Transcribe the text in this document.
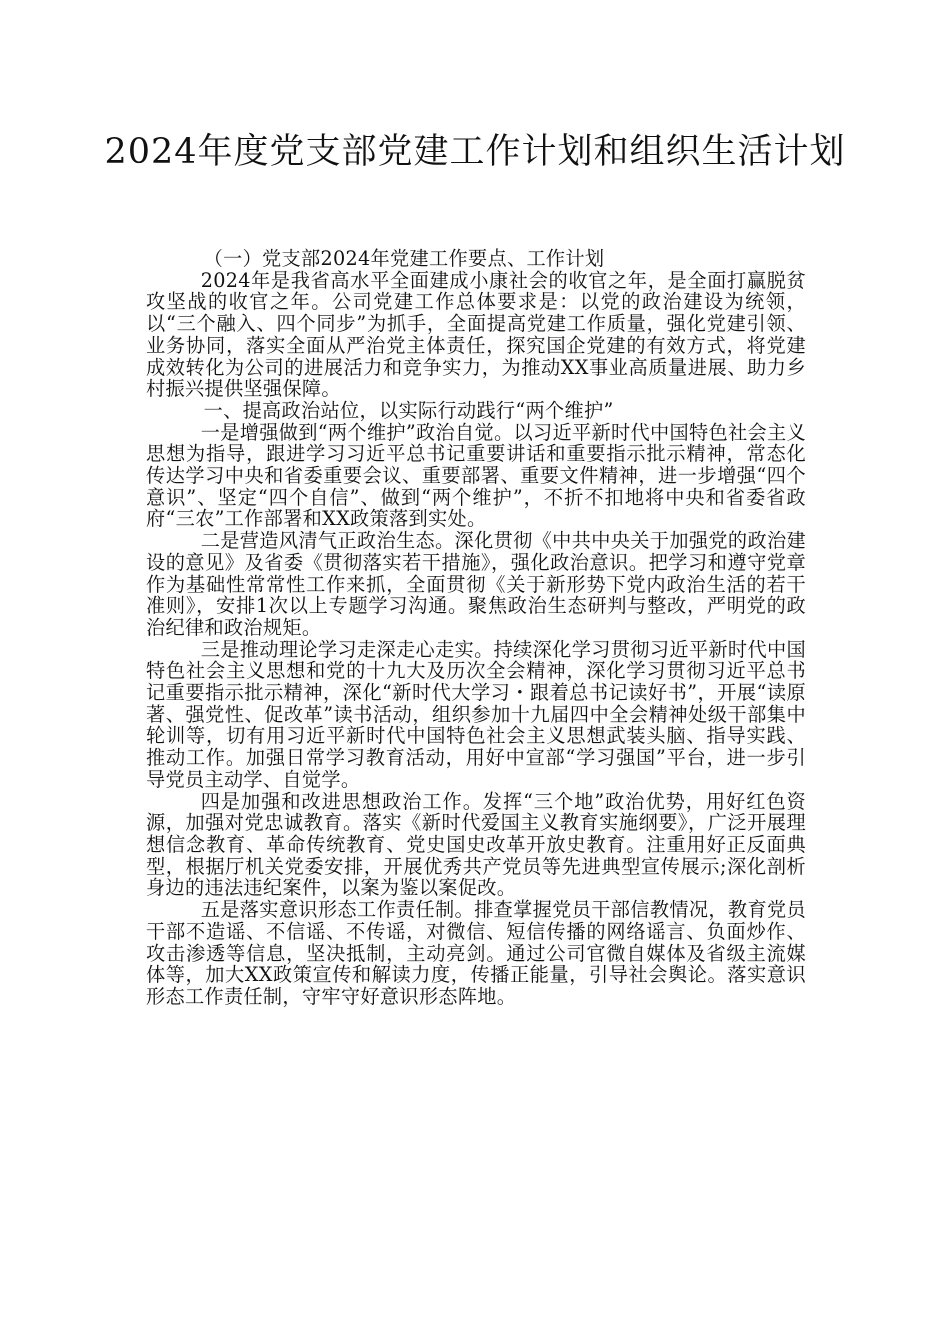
2024年度党支部党建工作计划和组织生活计划

（一）党支部2024年党建工作要点、工作计划

2024年是我省高水平全面建成小康社会的收官之年，是全面打赢脱贫攻坚战的收官之年。公司党建工作总体要求是：以党的政治建设为统领，以“三个融入、四个同步”为抓手，全面提高党建工作质量，强化党建引领、业务协同，落实全面从严治党主体责任，探究国企党建的有效方式，将党建成效转化为公司的进展活力和竞争实力，为推动XX事业高质量进展、助力乡村振兴提供坚强保障。

一、提高政治站位，以实际行动践行“两个维护”

一是增强做到“两个维护”政治自觉。以习近平新时代中国特色社会主义思想为指导，跟进学习习近平总书记重要讲话和重要指示批示精神，常态化传达学习中央和省委重要会议、重要部署、重要文件精神，进一步增强“四个意识”、坚定“四个自信”、做到“两个维护”，不折不扣地将中央和省委省政府“三农”工作部署和XX政策落到实处。

二是营造风清气正政治生态。深化贯彻《中共中央关于加强党的政治建设的意见》及省委《贯彻落实若干措施》，强化政治意识。把学习和遵守党章作为基础性常常性工作来抓，全面贯彻《关于新形势下党内政治生活的若干准则》，安排1次以上专题学习沟通。聚焦政治生态研判与整改，严明党的政治纪律和政治规矩。

三是推动理论学习走深走心走实。持续深化学习贯彻习近平新时代中国特色社会主义思想和党的十九大及历次全会精神，深化学习贯彻习近平总书记重要指示批示精神，深化“新时代大学习・跟着总书记读好书”，开展“读原著、强党性、促改革”读书活动，组织参加十九届四中全会精神处级干部集中轮训等，切有用习近平新时代中国特色社会主义思想武装头脑、指导实践、推动工作。加强日常学习教育活动，用好中宣部“学习强国”平台，进一步引导党员主动学、自觉学。

四是加强和改进思想政治工作。发挥“三个地”政治优势，用好红色资源，加强对党忠诚教育。落实《新时代爱国主义教育实施纲要》，广泛开展理想信念教育、革命传统教育、党史国史改革开放史教育。注重用好正反面典型，根据厅机关党委安排，开展优秀共产党员等先进典型宣传展示;深化剖析身边的违法违纪案件，以案为鉴以案促改。

五是落实意识形态工作责任制。排查掌握党员干部信教情况，教育党员干部不造谣、不信谣、不传谣，对微信、短信传播的网络谣言、负面炒作、攻击渗透等信息，坚决抵制，主动亮剑。通过公司官微自媒体及省级主流媒体等，加大XX政策宣传和解读力度，传播正能量，引导社会舆论。落实意识形态工作责任制，守牢守好意识形态阵地。
